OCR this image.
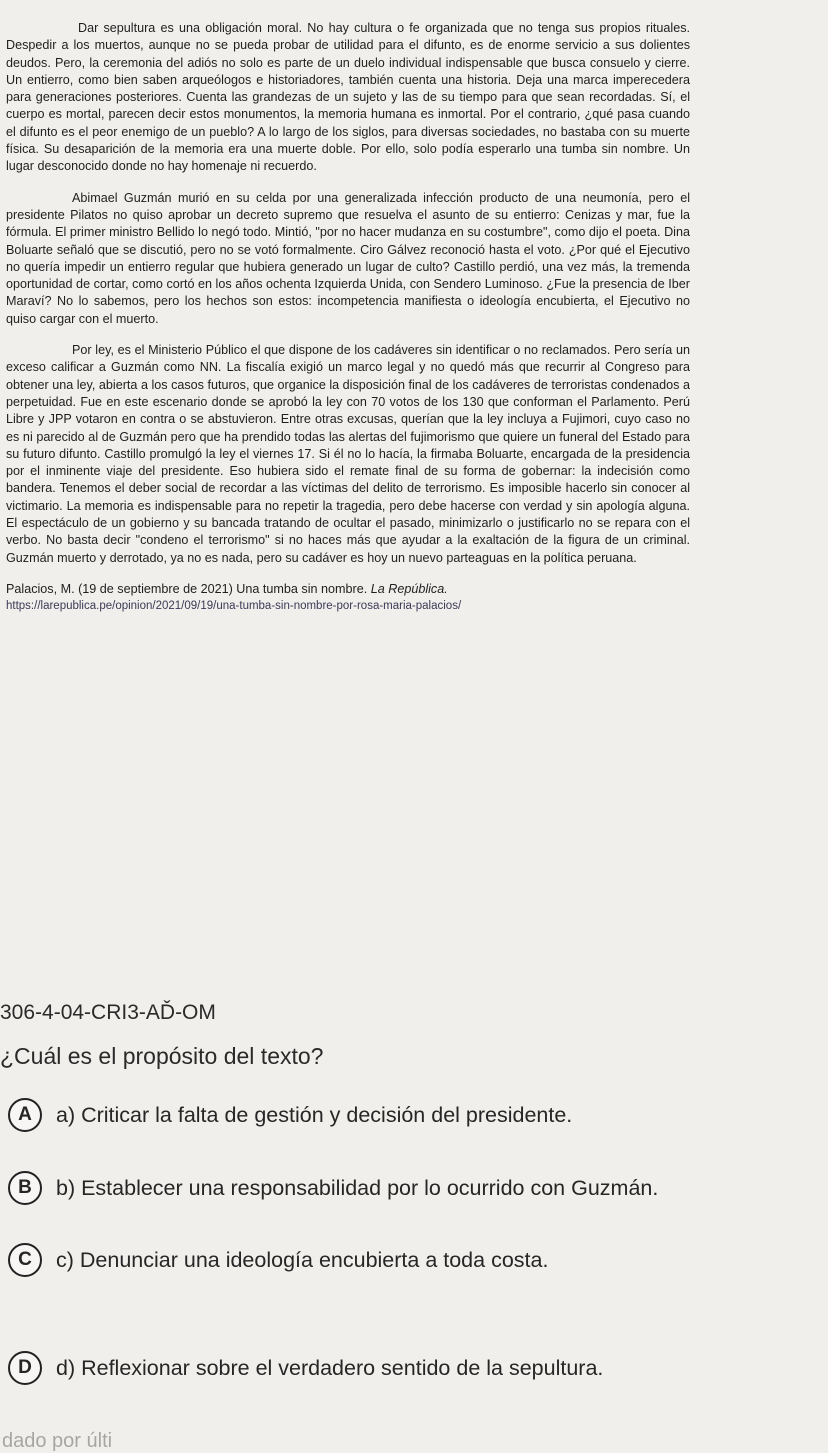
Dar sepultura es una obligación moral. No hay cultura o fe organizada que no tenga sus propios rituales. Despedir a los muertos, aunque no se pueda probar de utilidad para el difunto, es de enorme servicio a sus dolientes deudos. Pero, la ceremonia del adiós no solo es parte de un duelo individual indispensable que busca consuelo y cierre. Un entierro, como bien saben arqueólogos e historiadores, también cuenta una historia. Deja una marca imperecedera para generaciones posteriores. Cuenta las grandezas de un sujeto y las de su tiempo para que sean recordadas. Sí, el cuerpo es mortal, parecen decir estos monumentos, la memoria humana es inmortal. Por el contrario, ¿qué pasa cuando el difunto es el peor enemigo de un pueblo? A lo largo de los siglos, para diversas sociedades, no bastaba con su muerte física. Su desaparición de la memoria era una muerte doble. Por ello, solo podía esperarlo una tumba sin nombre. Un lugar desconocido donde no hay homenaje ni recuerdo.

Abimael Guzmán murió en su celda por una generalizada infección producto de una neumonía, pero el presidente Pilatos no quiso aprobar un decreto supremo que resuelva el asunto de su entierro: Cenizas y mar, fue la fórmula. El primer ministro Bellido lo negó todo. Mintió, "por no hacer mudanza en su costumbre", como dijo el poeta. Dina Boluarte señaló que se discutió, pero no se votó formalmente. Ciro Gálvez reconoció hasta el voto. ¿Por qué el Ejecutivo no quería impedir un entierro regular que hubiera generado un lugar de culto? Castillo perdió, una vez más, la tremenda oportunidad de cortar, como cortó en los años ochenta Izquierda Unida, con Sendero Luminoso. ¿Fue la presencia de Iber Maraví? No lo sabemos, pero los hechos son estos: incompetencia manifiesta o ideología encubierta, el Ejecutivo no quiso cargar con el muerto.

Por ley, es el Ministerio Público el que dispone de los cadáveres sin identificar o no reclamados. Pero sería un exceso calificar a Guzmán como NN. La fiscalía exigió un marco legal y no quedó más que recurrir al Congreso para obtener una ley, abierta a los casos futuros, que organice la disposición final de los cadáveres de terroristas condenados a perpetuidad. Fue en este escenario donde se aprobó la ley con 70 votos de los 130 que conforman el Parlamento. Perú Libre y JPP votaron en contra o se abstuvieron. Entre otras excusas, querían que la ley incluya a Fujimori, cuyo caso no es ni parecido al de Guzmán pero que ha prendido todas las alertas del fujimorismo que quiere un funeral del Estado para su futuro difunto. Castillo promulgó la ley el viernes 17. Si él no lo hacía, la firmaba Boluarte, encargada de la presidencia por el inminente viaje del presidente. Eso hubiera sido el remate final de su forma de gobernar: la indecisión como bandera. Tenemos el deber social de recordar a las víctimas del delito de terrorismo. Es imposible hacerlo sin conocer al victimario. La memoria es indispensable para no repetir la tragedia, pero debe hacerse con verdad y sin apología alguna. El espectáculo de un gobierno y su bancada tratando de ocultar el pasado, minimizarlo o justificarlo no se repara con el verbo. No basta decir "condeno el terrorismo" si no haces más que ayudar a la exaltación de la figura de un criminal. Guzmán muerto y derrotado, ya no es nada, pero su cadáver es hoy un nuevo parteaguas en la política peruana.

Palacios, M. (19 de septiembre de 2021) Una tumba sin nombre. La República.

https://larepublica.pe/opinion/2021/09/19/una-tumba-sin-nombre-por-rosa-maria-palacios/

306-4-04-CRI3-AĎ-OM
¿Cuál es el propósito del texto?
A	a) Criticar la falta de gestión y decisión del presidente.
B	b) Establecer una responsabilidad por lo ocurrido con Guzmán.
C	c) Denunciar una ideología encubierta a toda costa.
D	d) Reflexionar sobre el verdadero sentido de la sepultura.
dado por últi
